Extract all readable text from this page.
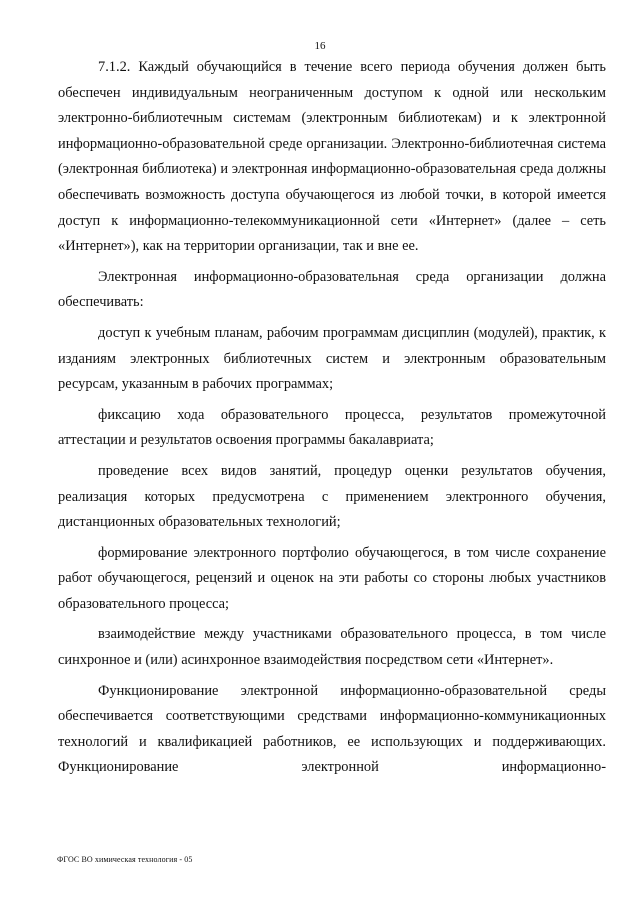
16

7.1.2. Каждый обучающийся в течение всего периода обучения должен быть обеспечен индивидуальным неограниченным доступом к одной или нескольким электронно-библиотечным системам (электронным библиотекам) и к электронной информационно-образовательной среде организации. Электронно-библиотечная система (электронная библиотека) и электронная информационно-образовательная среда должны обеспечивать возможность доступа обучающегося из любой точки, в которой имеется доступ к информационно-телекоммуникационной сети «Интернет» (далее – сеть «Интернет»), как на территории организации, так и вне ее.

Электронная информационно-образовательная среда организации должна обеспечивать:

доступ к учебным планам, рабочим программам дисциплин (модулей), практик, к изданиям электронных библиотечных систем и электронным образовательным ресурсам, указанным в рабочих программах;

фиксацию хода образовательного процесса, результатов промежуточной аттестации и результатов освоения программы бакалавриата;

проведение всех видов занятий, процедур оценки результатов обучения, реализация которых предусмотрена с применением электронного обучения, дистанционных образовательных технологий;

формирование электронного портфолио обучающегося, в том числе сохранение работ обучающегося, рецензий и оценок на эти работы со стороны любых участников образовательного процесса;

взаимодействие между участниками образовательного процесса, в том числе синхронное и (или) асинхронное взаимодействия посредством сети «Интернет».

Функционирование электронной информационно-образовательной среды обеспечивается соответствующими средствами информационно-коммуникационных технологий и квалификацией работников, ее использующих и поддерживающих. Функционирование электронной информационно-

ФГОС ВО химическая технология - 05
